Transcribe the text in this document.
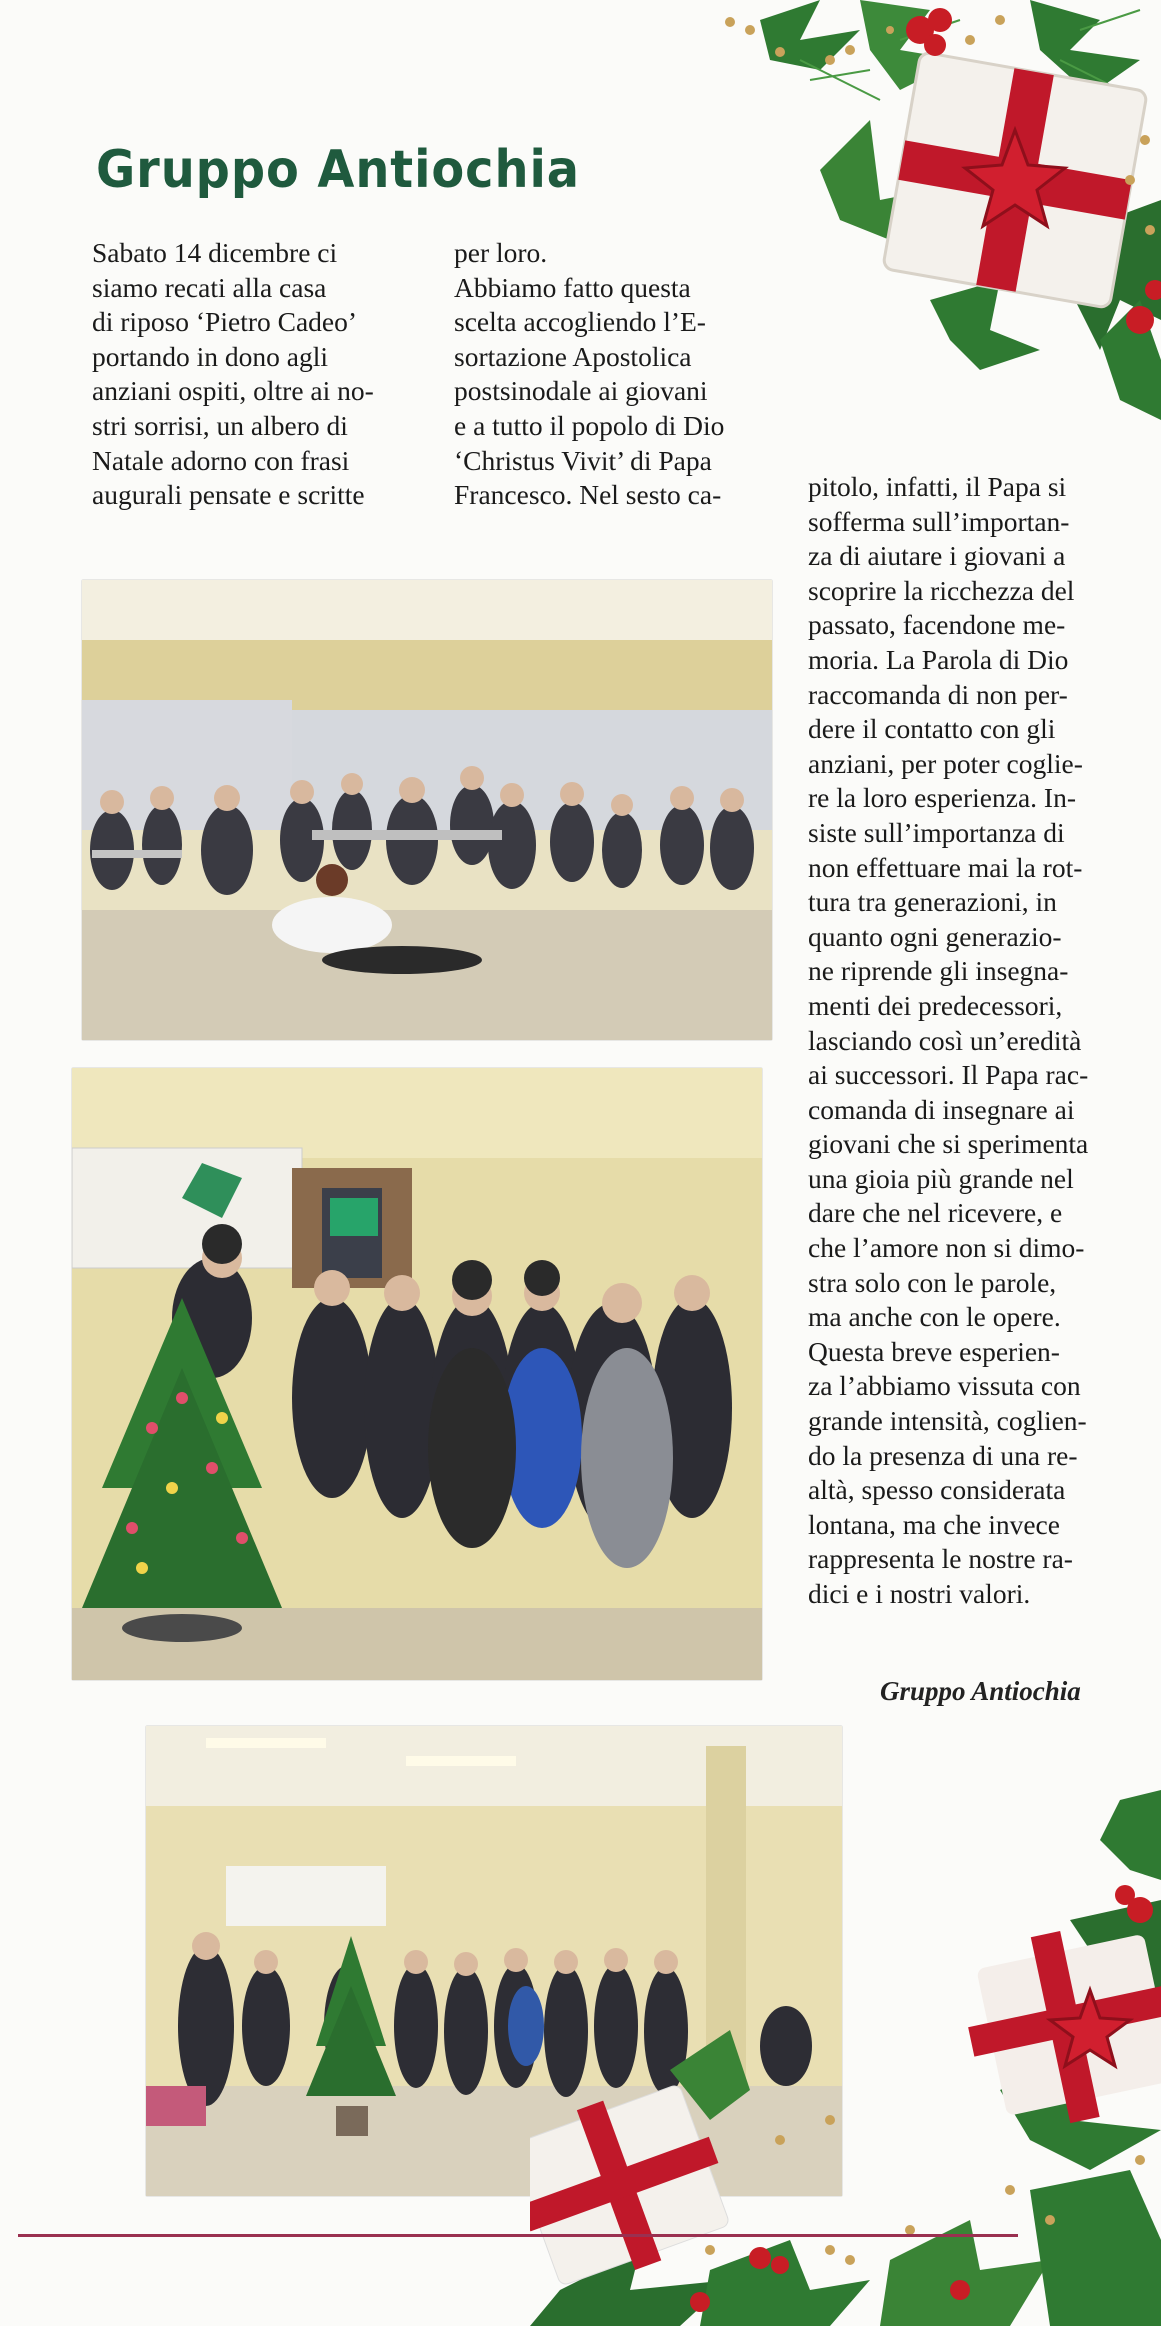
Gruppo Antiochia
Sabato 14 dicembre ci
siamo recati alla casa
di riposo ‘Pietro Cadeo’
portando in dono agli
anziani ospiti, oltre ai no-
stri sorrisi, un albero di
Natale adorno con frasi
augurali pensate e scritte
per loro.
Abbiamo fatto questa
scelta accogliendo l’E-
sortazione Apostolica
postsinodale ai giovani
e a tutto il popolo di Dio
‘Christus Vivit’ di Papa
Francesco. Nel sesto ca-	pitolo, infatti, il Papa si
sofferma sull’importan-
za di aiutare i giovani a
scoprire la ricchezza del
passato, facendone me-
moria. La Parola di Dio
raccomanda di non per-
dere il contatto con gli
anziani, per poter coglie-
re la loro esperienza. In-
siste sull’importanza di
non effettuare mai la rot-
tura tra generazioni, in
quanto ogni generazio-
ne riprende gli insegna-
menti dei predecessori,
lasciando così un’eredità
ai successori. Il Papa rac-
comanda di insegnare ai
giovani che si sperimenta
una gioia più grande nel
dare che nel ricevere, e
che l’amore non si dimo-
stra solo con le parole,
ma anche con le opere.
Questa breve esperien-
za l’abbiamo vissuta con
grande intensità, coglien-
do la presenza di una re-
altà, spesso considerata
lontana, ma che invece
rappresenta le nostre ra-
dici e i nostri valori.
Gruppo Antiochia
